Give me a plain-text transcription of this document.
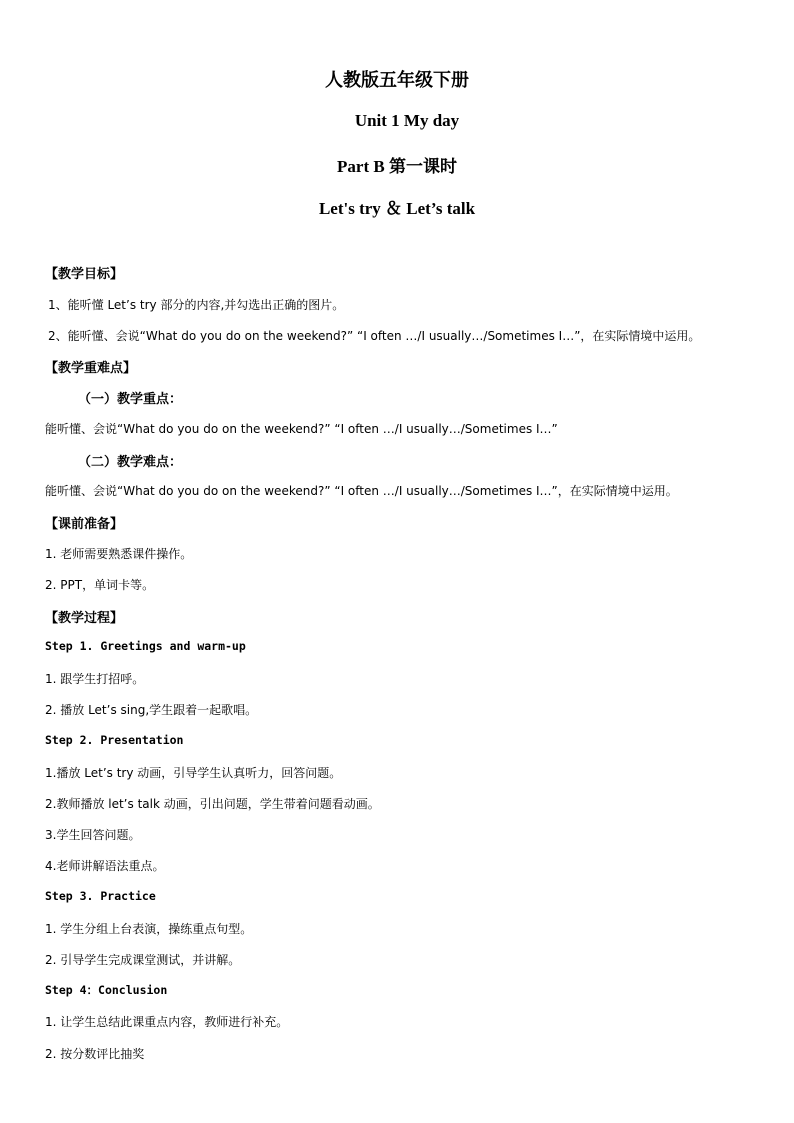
人教版五年级下册
Unit 1 My day
Part B 第一课时
Let's try ＆ Let’s talk
【教学目标】
1、能听懂 Let’s try 部分的内容,并勾选出正确的图片。
2、能听懂、会说“What do you do on the weekend?” “I often …/I usually…/Sometimes I…”，在实际情境中运用。
【教学重难点】
（一）教学重点：
能听懂、会说“What do you do on the weekend?” “I often …/I usually…/Sometimes I…”
（二）教学难点：
能听懂、会说“What do you do on the weekend?” “I often …/I usually…/Sometimes I…”，在实际情境中运用。
【课前准备】
1. 老师需要熟悉课件操作。
2. PPT，单词卡等。
【教学过程】
Step 1. Greetings and warm-up
1. 跟学生打招呼。
2. 播放 Let’s sing,学生跟着一起歌唱。
Step 2. Presentation
1.播放 Let’s try 动画，引导学生认真听力，回答问题。
2.教师播放 let’s talk 动画，引出问题，学生带着问题看动画。
3.学生回答问题。
4.老师讲解语法重点。
Step 3. Practice
1. 学生分组上台表演，操练重点句型。
2. 引导学生完成课堂测试，并讲解。
Step 4：Conclusion
1. 让学生总结此课重点内容，教师进行补充。
2. 按分数评比抽奖
